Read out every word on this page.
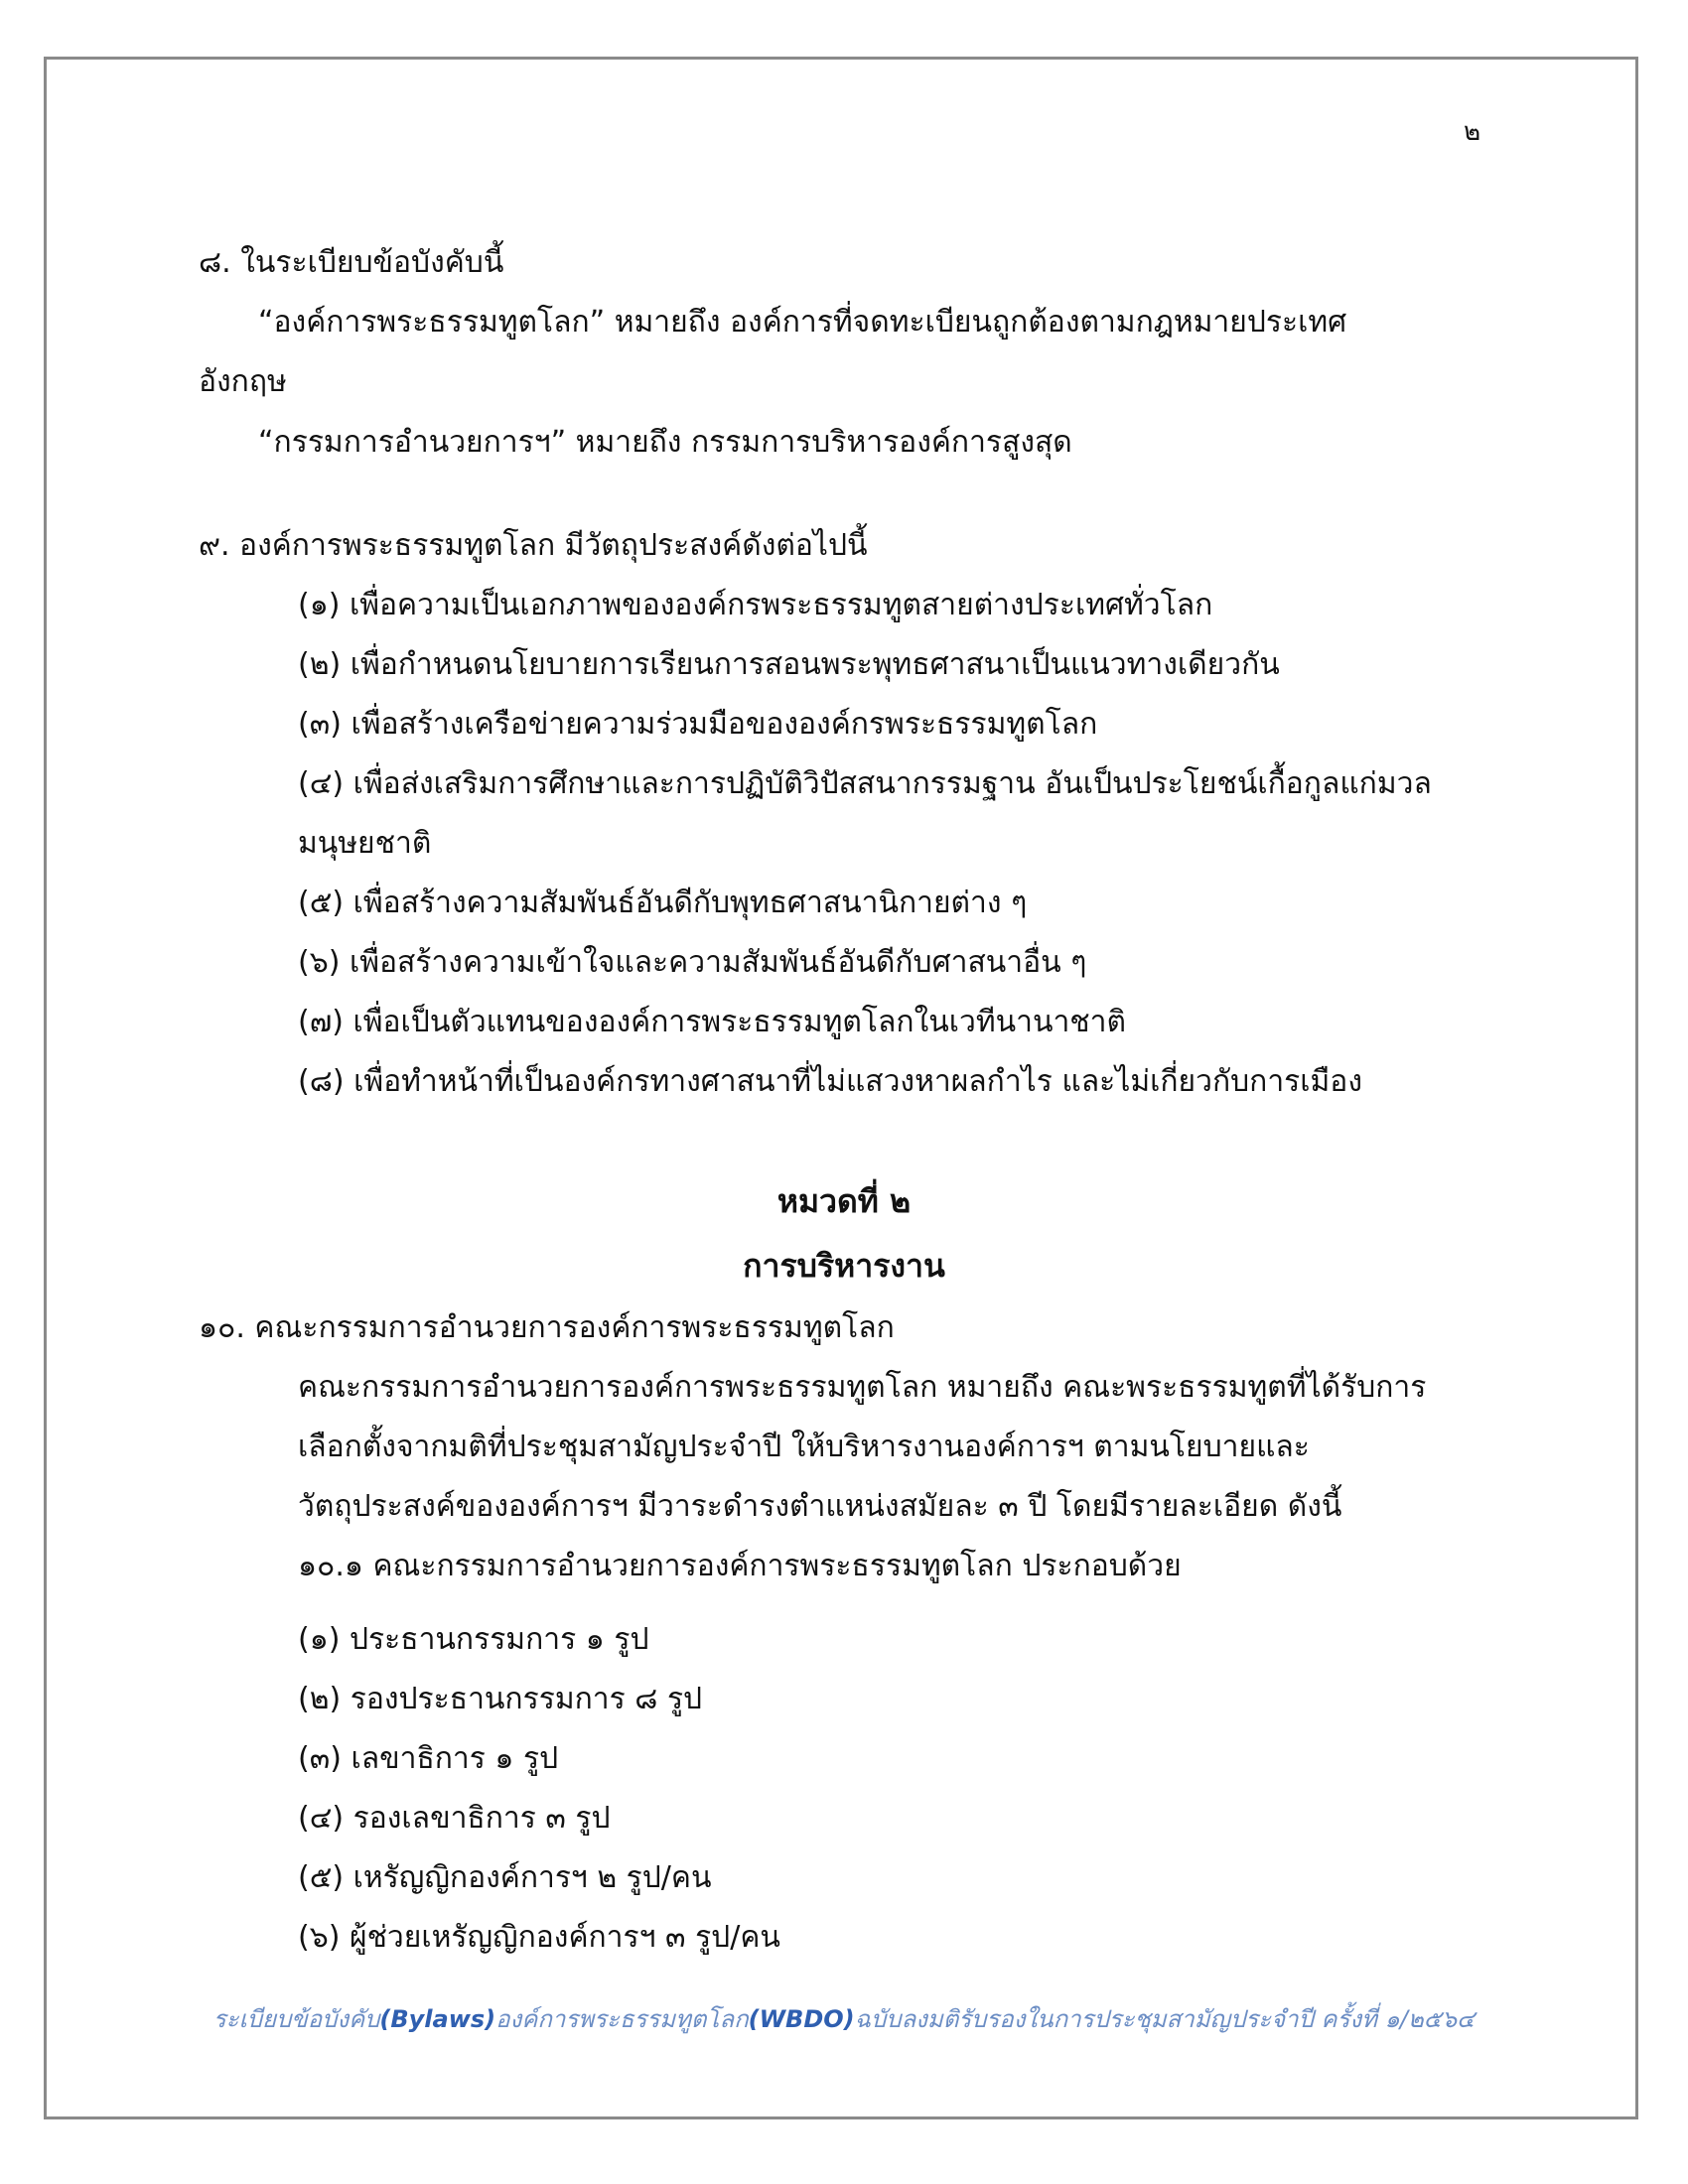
๒
๘. ในระเบียบข้อบังคับนี้
“องค์การพระธรรมทูตโลก” หมายถึง องค์การที่จดทะเบียนถูกต้องตามกฎหมายประเทศ
อังกฤษ
“กรรมการอำนวยการฯ” หมายถึง กรรมการบริหารองค์การสูงสุด
๙. องค์การพระธรรมทูตโลก มีวัตถุประสงค์ดังต่อไปนี้
(๑) เพื่อความเป็นเอกภาพขององค์กรพระธรรมทูตสายต่างประเทศทั่วโลก
(๒) เพื่อกำหนดนโยบายการเรียนการสอนพระพุทธศาสนาเป็นแนวทางเดียวกัน
(๓) เพื่อสร้างเครือข่ายความร่วมมือขององค์กรพระธรรมทูตโลก
(๔) เพื่อส่งเสริมการศึกษาและการปฏิบัติวิปัสสนากรรมฐาน อันเป็นประโยชน์เกื้อกูลแก่มวล
มนุษยชาติ
(๕) เพื่อสร้างความสัมพันธ์อันดีกับพุทธศาสนานิกายต่าง ๆ
(๖) เพื่อสร้างความเข้าใจและความสัมพันธ์อันดีกับศาสนาอื่น ๆ
(๗) เพื่อเป็นตัวแทนขององค์การพระธรรมทูตโลกในเวทีนานาชาติ
(๘) เพื่อทำหน้าที่เป็นองค์กรทางศาสนาที่ไม่แสวงหาผลกำไร และไม่เกี่ยวกับการเมือง
หมวดที่ ๒
การบริหารงาน
๑๐. คณะกรรมการอำนวยการองค์การพระธรรมทูตโลก
คณะกรรมการอำนวยการองค์การพระธรรมทูตโลก หมายถึง คณะพระธรรมทูตที่ได้รับการ
เลือกตั้งจากมติที่ประชุมสามัญประจำปี ให้บริหารงานองค์การฯ ตามนโยบายและ
วัตถุประสงค์ขององค์การฯ มีวาระดำรงตำแหน่งสมัยละ ๓ ปี โดยมีรายละเอียด ดังนี้
๑๐.๑ คณะกรรมการอำนวยการองค์การพระธรรมทูตโลก ประกอบด้วย
(๑) ประธานกรรมการ ๑ รูป
(๒) รองประธานกรรมการ ๘ รูป
(๓) เลขาธิการ ๑ รูป
(๔) รองเลขาธิการ ๓ รูป
(๕) เหรัญญิกองค์การฯ ๒ รูป/คน
(๖) ผู้ช่วยเหรัญญิกองค์การฯ ๓ รูป/คน
ระเบียบข้อบังคับ(Bylaws)องค์การพระธรรมทูตโลก(WBDO)ฉบับลงมติรับรองในการประชุมสามัญประจำปี ครั้งที่ ๑/๒๕๖๔
